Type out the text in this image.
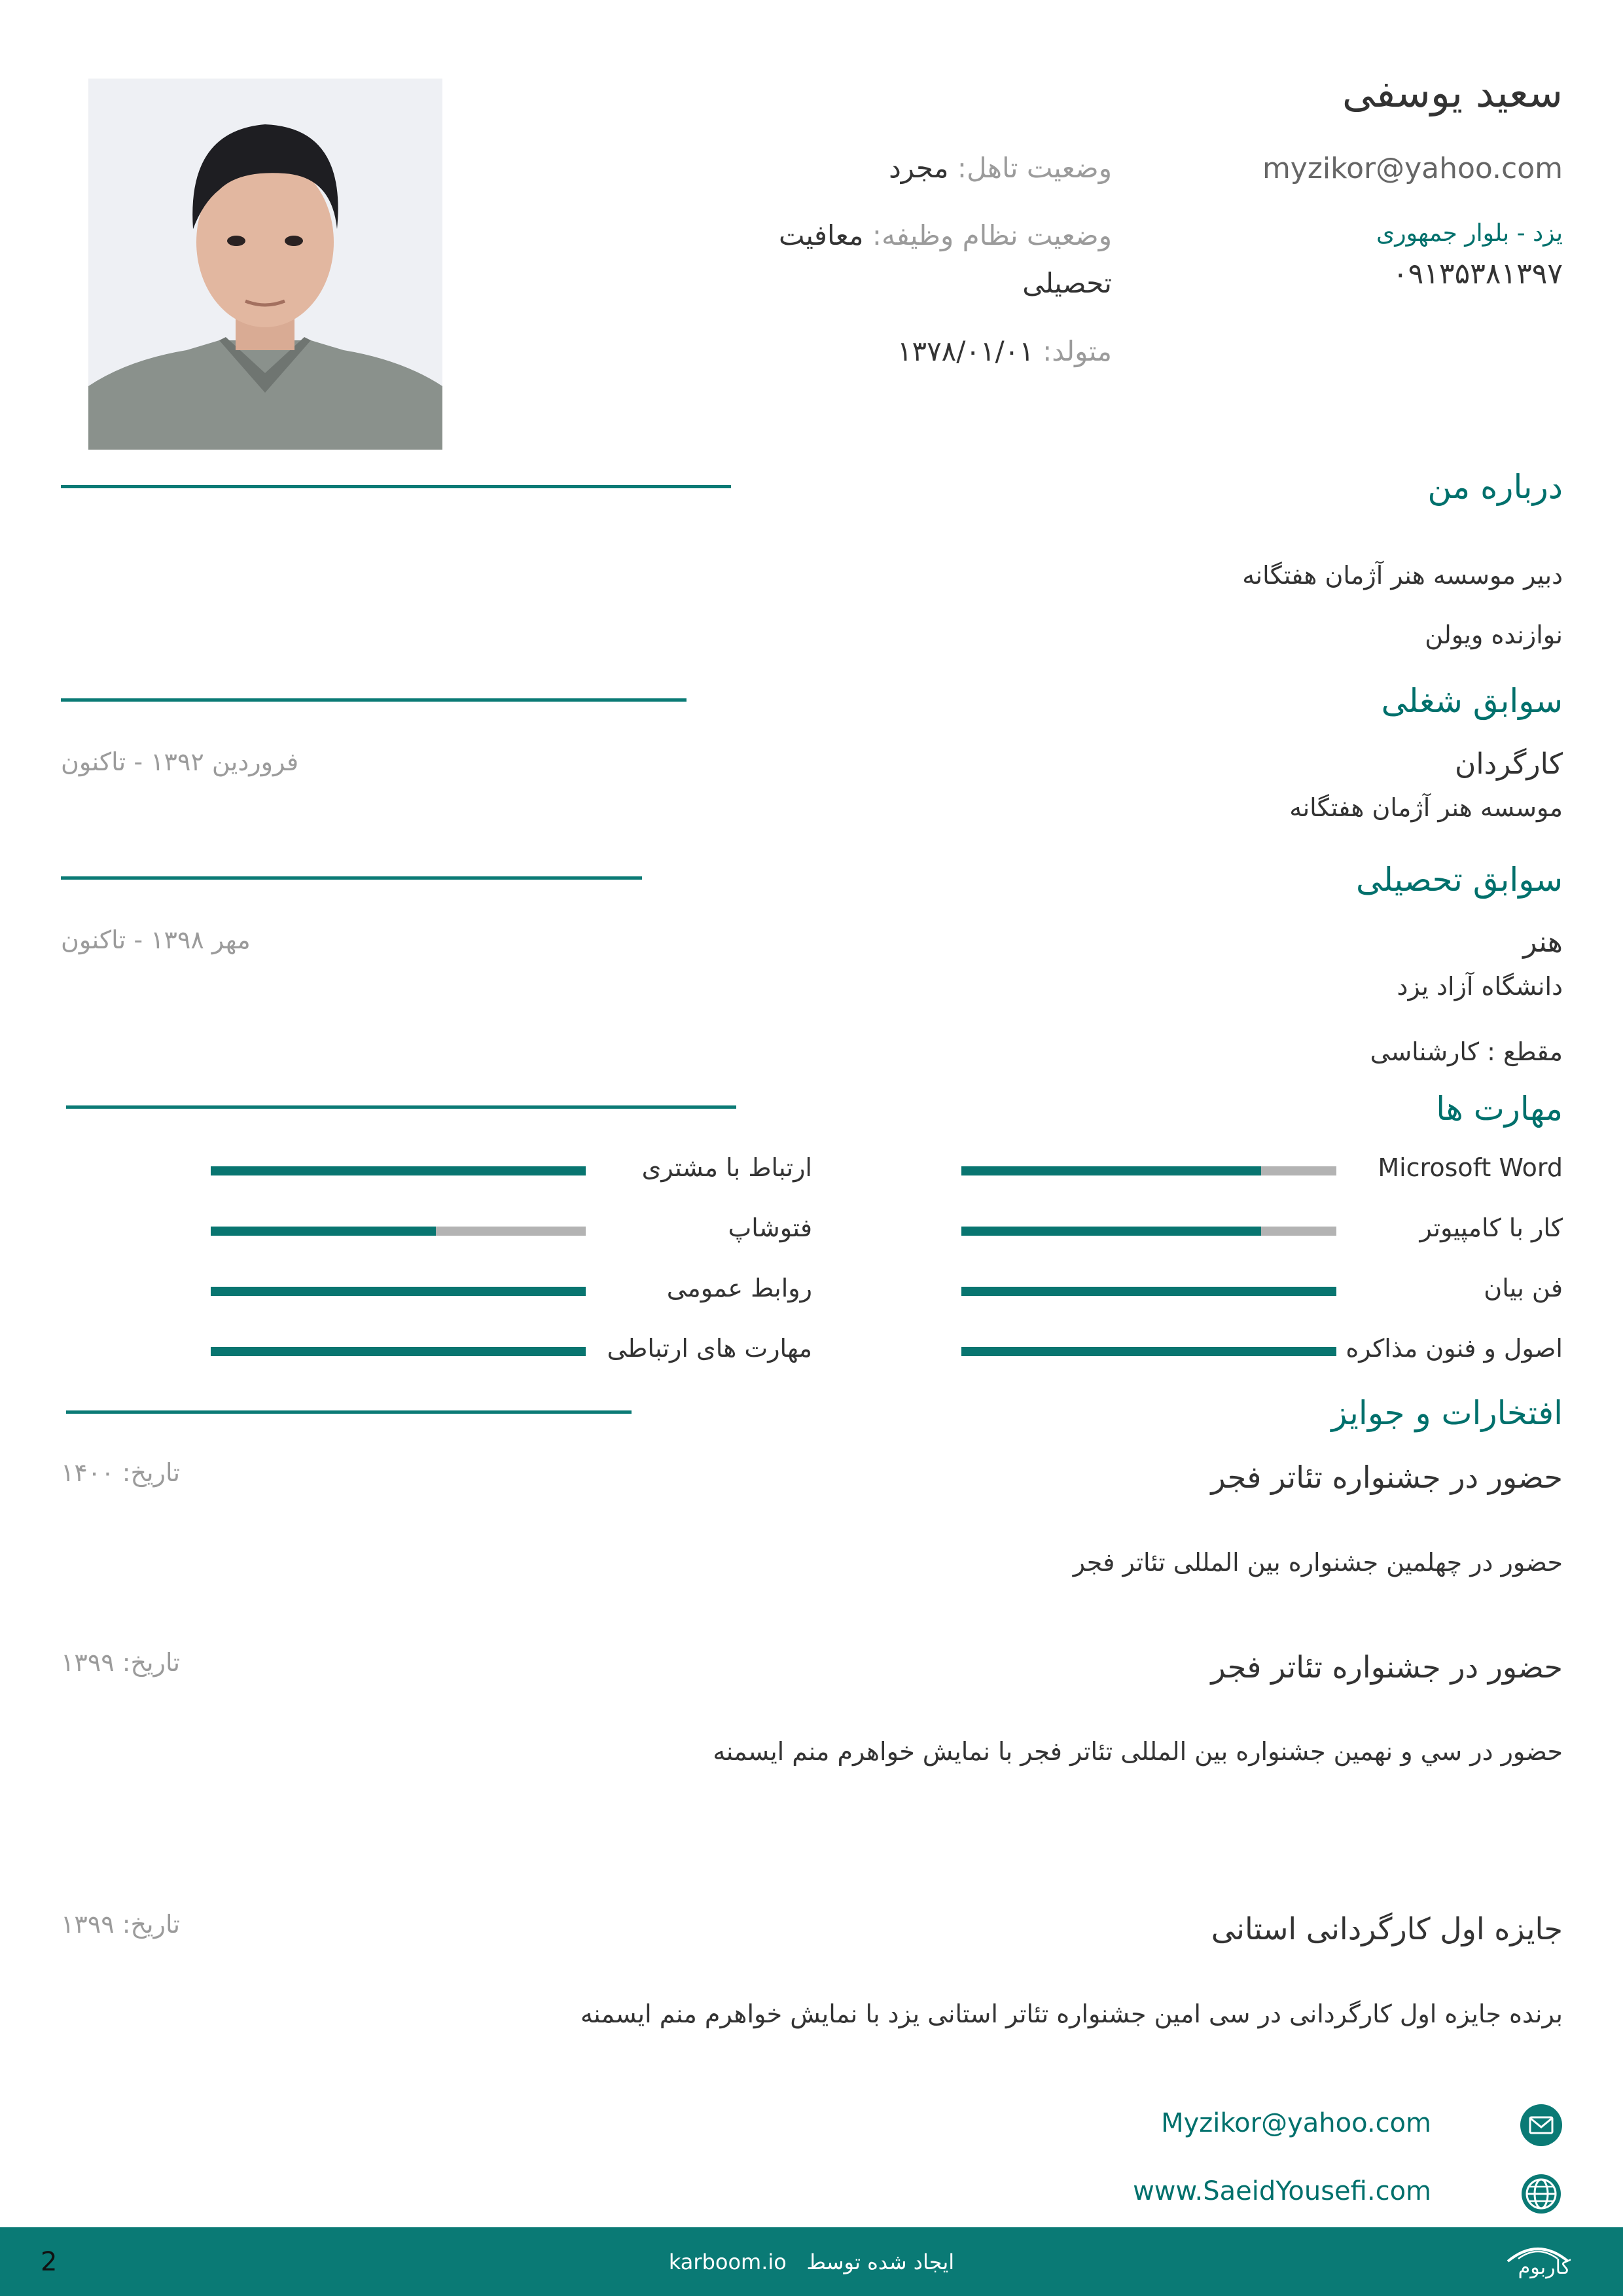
سعید یوسفی
myzikor@yahoo.com
یزد - بلوار جمهوری
۰۹۱۳۵۳۸۱۳۹۷
وضعیت تاهل: مجرد
وضعیت نظام وظیفه: معافیت
تحصیلی
متولد: ۱۳۷۸/۰۱/۰۱
درباره من
دبیر موسسه هنر آژمان هفتگانه
نوازنده ویولن
سوابق شغلی
کارگردان
موسسه هنر آژمان هفتگانه
فروردین ۱۳۹۲ - تاکنون
سوابق تحصیلی
هنر
دانشگاه آزاد یزد
مقطع : کارشناسی
مهر ۱۳۹۸ - تاکنون
مهارت ها
Microsoft Word
کار با کامپیوتر
فن بیان
اصول و فنون مذاکره
ارتباط با مشتری
فتوشاپ
روابط عمومی
مهارت های ارتباطی
افتخارات و جوایز
حضور در جشنواره تئاتر فجر
تاریخ: ۱۴۰۰
حضور در چهلمین جشنواره بین المللی تئاتر فجر
حضور در جشنواره تئاتر فجر
تاریخ: ۱۳۹۹
حضور در سي و نهمین جشنواره بین المللی تئاتر فجر با نمایش خواهرم منم ایسمنه
جایزه اول کارگردانی استانی
تاریخ: ۱۳۹۹
برنده جایزه اول کارگردانی در سی امین جشنواره تئاتر استانی یزد با نمایش خواهرم منم ایسمنه
Myzikor@yahoo.com
www.SaeidYousefi.com
2	karboom.io ایجاد شده توسط	کاربوم
